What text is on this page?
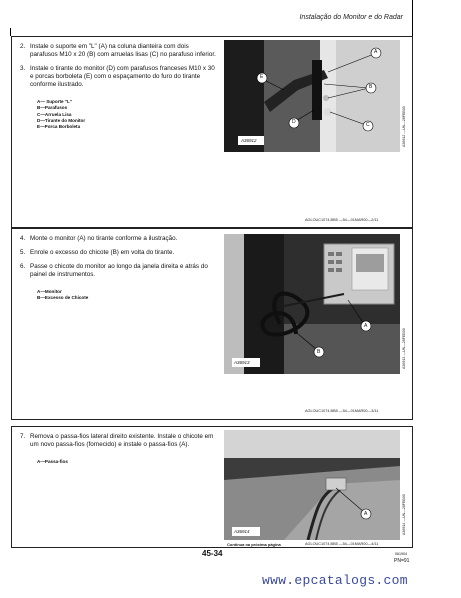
Instalação do Monitor e do Radar
2. Instale o suporte em "L" (A) na coluna dianteira com dois parafusos M10 x 20 (B) com arruelas lisas (C) no parafuso inferior.
3. Instale o tirante do monitor (D) com parafusos franceses M10 x 30 e porcas borboleta (E) com o espaçamento do furo do tirante conforme ilustrado.
A— Suporte "L"
B—Parafusos
C—Arruela Lisa
D—Tirante do Monitor
E—Porca Borboleta
A
B
C
D
E
A36912	A36912 —UN—28FEB00
AGLOUC1074,BB5 —54—01MAR00—2/11
4. Monte o monitor (A) no tirante conforme a ilustração.
5. Enrole o excesso do chicote (B) em volta do tirante.
6. Passe o chicote do monitor ao longo da janela direita e atrás do painel de instrumentos.
A—Monitor
B—Excesso de Chicote
A
B
A36913	A36913 —UN—28FEB00
AGLOUC1074,BB5 —54—01MAR00—3/11
7. Remova o passa-fios lateral direito existente. Instale o chicote em um novo passa-fios (fornecido) e instale o passa-fios (A).
A—Passa-fios
A
A36914	A36914 —UN—28FEB00
Continua na próxima página	AGLOUC1074,BB5 —54—01MAR00—4/11
45-34	061904
PN=91
www.epcatalogs.com
